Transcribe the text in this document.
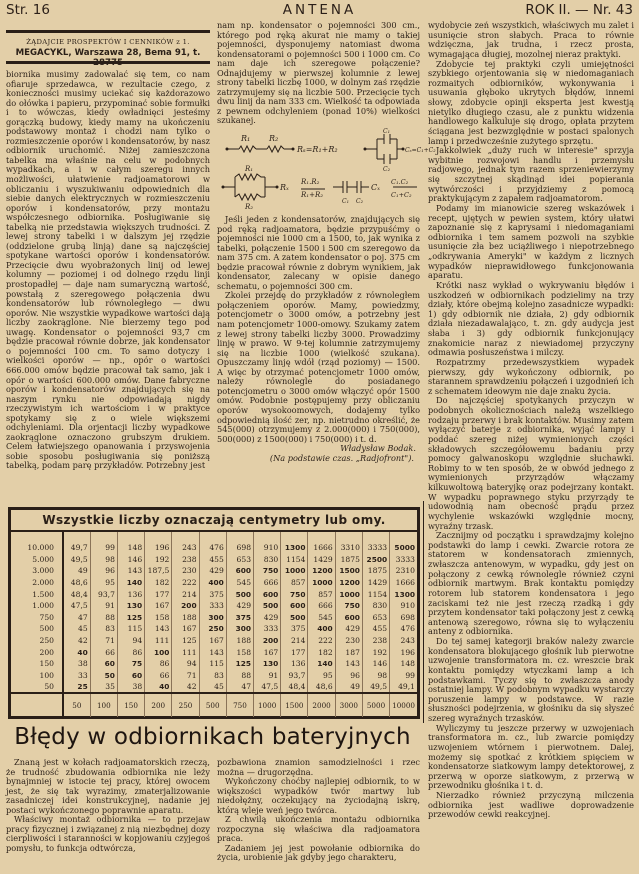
Str. 16	ANTENA	ROK II. — Nr. 43
ŻĄDAJCIE PROSPEKTÓW I CENNIKÓW z 1.
MEGACYKL, Warszawa 28, Bema 91, t. 28775

biornika musimy zadowalać się tem, co nam ofiaruje sprzedawca, w rezultacie czego, z konieczności musimy uciekać się każdorazowo do ołówka i papieru, przypominać sobie formułki i to wówczas, kiedy owładnięci jesteśmy gorączką budowy, kiedy mamy na ukończeniu podstawowy montaż i chodzi nam tylko o rozmieszczenie oporów i kondensatorów, by nasz odbiornik uruchomić. Niżej zamieszczona tabelka ma właśnie na celu w podobnych wypadkach, a i w całym szeregu innych możliwości, ułatwienie radjoamatorowi w obliczaniu i wyszukiwaniu odpowiednich dla siebie danych elektrycznych w rozmieszczeniu oporów i kondensatorów, przy montażu współczesnego odbiornika. Posługiwanie się tabelką nie przedstawia większych trudności. Z lewej strony tabelki i w dalszym jej rzędzie (oddzielone grubą linją) dane są najczęściej spotykane wartości oporów i kondensatorów. Przecięcie dwu wyobrażonych linij od lewej kolumny — poziomej i od dolnego rzędu linji prostopadłej — daje nam sumaryczną wartość, powstałą z szeregowego połączenia dwu kondensatorów lub równoległego — dwu oporów. Nie wszystkie wypadkowe wartości dają liczby zaokrąglone. Nie bierzemy tego pod uwagę. Kondensator o pojemności 93,7 cm będzie pracował równie dobrze, jak kondensator o pojemności 100 cm. To samo dotyczy i wielkości oporów — np., opór o wartości 666.000 omów będzie pracował tak samo, jak i opór o wartości 600.000 omów. Dane fabryczne oporów i kondensatorów znajdujących się na naszym rynku nie odpowiadają nigdy rzeczywistym ich wartościom i w praktyce spotykamy się z o wiele większemi odchyleniami. Dla orjentacji liczby wypadkowe zaokrąglone oznaczono grubszym drukiem. Celem łatwiejszego opanowania i przyswojenia sobie sposobu posługiwania się poniższą tabelką, podam parę przykładów. Potrzebny jest

nam np. kondensator o pojemności 300 cm., którego pod ręką akurat nie mamy o takiej pojemności, dysponujemy natomiast dwoma kondensatorami o pojemności 500 i 1000 cm. Co nam daje ich szeregowe połączenie? Odnajdujemy w pierwszej kolumnie z lewej strony tabelki liczbę 1000, w dolnym zaś rzędzie zatrzymujemy się na liczbie 500. Przecięcie tych dwu linij da nam 333 cm. Wielkość ta odpowiada z pewnem odchyleniem (ponad 10%) wielkości szukanej.

R₁ R₂
Rₛ=R₁+R₂
C₁
C₂
Cₛ=C₁+C₂
R₁
R₂
Rₓ
R₁.R₂
R₁+R₂
C₁ C₂
Cₓ
C₁.C₂
C₁+C₂

Jeśli jeden z kondensatorów, znajdujących się pod ręką radjoamatora, będzie przypuśćmy o pojemności nie 1000 cm a 1500, to, jak wynika z tabelki, połączenie 1500 i 500 cm szeregowo da nam 375 cm. A zatem kondensator o poj. 375 cm będzie pracował równie z dobrym wynikiem, jak kondensator, zalecany w opisie danego schematu, o pojemności 300 cm.

Zkolei przejdę do przykładów z równoległem połączeniem oporów. Mamy, powiedzmy, potencjometr o 3000 omów, a potrzebny jest nam potencjometr 1000-omowy. Szukamy zatem z lewej strony tabelki liczby 3000. Prowadzimy linję w prawo. W 9-tej kolumnie zatrzymujemy się na liczbie 1000 (wielkość szukana). Opuszczamy linję wdół (rząd poziomy) — 1500. A więc by otrzymać potencjometr 1000 omów, należy równolegle do posiadanego potencjometru o 3000 omów włączyć opór 1500 omów. Podobnie postępujemy przy obliczaniu oporów wysokoomowych, dodajemy tylko odpowiednią ilość zer, np. nietrudno określić, że 545(000) otrzymujemy z 2.000(000) i 750(000), 500(000) z 1500(000) i 750(000) i t. d.

Władysław Bodak.
(Na podstawie czas. „Radjofront").
Wszystkie liczby oznaczają centymetry lub omy.

10.000	49,7	99	148	196	243	476	698	910	1300	1666	3310	3333	5000
5.000	49,5	98	146	192	238	455	653	830	1154	1429	1875	2500	3333
3.000	49	96	143	187,5	230	429	600	750	1000	1200	1500	1875	2310
2.000	48,6	95	140	182	222	400	545	666	857	1000	1200	1429	1666
1.500	48,4	93,7	136	177	214	375	500	600	750	857	1000	1154	1300
1.000	47,5	91	130	167	200	333	429	500	600	666	750	830	910
750	47	88	125	158	188	300	375	429	500	545	600	653	698
500	45	83	115	143	167	250	300	333	375	400	429	455	476
250	42	71	94	111	125	167	188	200	214	222	230	238	243
200	40	66	86	100	111	143	158	167	177	182	187	192	196
150	38	60	75	86	94	115	125	130	136	140	143	146	148
100	33	50	60	66	71	83	88	91	93,7	95	96	98	99
50	25	35	38	40	42	45	47	47,5	48,4	48,6	49	49,5	49,1
	50	100	150	200	250	500	750	1000	1500	2000	3000	5000	10000
Błędy w odbiornikach bateryjnych

Znaną jest w kołach radjoamatorskich rzeczą, że trudność zbudowania odbiornika nie leży bynajmniej w istocie tej pracy, której owocem jest, że się tak wyrazimy, zmaterjalizowanie zasadniczej idei konstrukcyjnej, nadanie jej postaci wykończonego poprawnie aparatu.

Właściwy montaż odbiornika — to przejaw pracy fizycznej i związanej z nią niezbędnej dozy cierpliwości i staranności w kopjowaniu czyjegoś pomysłu, to funkcja odtwórcza,

pozbawiona znamion samodzielności i rzec można — drugorzędna.

Wykończony choćby najlepiej odbiornik, to w większości wypadków twór martwy lub niedołężny, oczekujący na życiodajną iskrę, którą wleje weń jego twórca.

Z chwilą ukończenia montażu odbiornika rozpoczyna się właściwa dla radjoamatora praca.

Zadaniem jej jest powołanie odbiornika do życia, urobienie jak gdyby jego charakteru,

wydobycie zeń wszystkich, właściwych mu zalet i usunięcie stron słabych. Praca to równie wdzięczna, jak trudna, i rzecz prosta, wymagająca długiej, mozolnej nieraz praktyki.

Zdobycie tej praktyki czyli umiejętności szybkiego orjentowania się w niedomaganiach rozmaitych odbiorników, wykonywania i usuwania głęboko ukrytych błędów, innemi słowy, zdobycie opinji eksperta jest kwestją nietylko długiego czasu, ale z punktu widzenia handlowego kalkuluje się drogo, opłata przytem ściągana jest bezwzględnie w postaci spalonych lamp i przedwcześnie zużytego sprzętu.

Jakkolwiek „duży ruch w interesie" sprzyja wybitnie rozwojowi handlu i przemysłu radjowego, jednak tym razem sprzeniewierzymy się szczytnej skądinąd idei popierania wytwórczości i przyjdziemy z pomocą praktykującym z zapałem radjoamatorom.

Podamy im mianowicie szereg wskazówek i recept, ujętych w pewien system, który ułatwi zapoznanie się z kaprysami i niedomaganiami odbiornika i tem samem pozwoli na szybkie usunięcie zła bez uciążliwego i niepotrzebnego „odkrywania Ameryki" w każdym z licznych wypadków nieprawidłowego funkcjonowania aparatu.

Krótki nasz wykład o wykrywaniu błędów i uszkodzeń w odbiornikach podzielimy na trzy działy, które obejmą kolejno zasadnicze wypadki: 1) gdy odbiornik nie działa, 2) gdy odbiornik działa niezadawalająco, t. zn. gdy audycja jest słaba i 3) gdy odbiornik funkcjonujący znakomicie naraz z niewiadomej przyczyny odmawia posłuszeństwa i milczy.

Rozpatrzmy przedewszystkiem wypadek pierwszy, gdy wykończony odbiornik, po starannem sprawdzeniu połączeń i uzgodnień ich z schematem ideowym nie daje znaku życia.

Do najczęściej spotykanych przyczyn w podobnych okolicznościach należą wszelkiego rodzaju przerwy i brak kontaktów. Musimy zatem wyłączyć baterje z odbiornika, wyjąć lampy i poddać szereg niżej wymienionych części składowych szczegółowemu badaniu przy pomocy galwanoskopu względnie słuchawki. Robimy to w ten sposób, że w obwód jednego z wymienionych przyrządów włączamy kilkuwoltową bateryjkę oraz podejrzany kontakt. W wypadku poprawnego styku przyrządy te udowodnią nam obecność prądu przez wychylenie wskazówki względnie mocny, wyraźny trzask.

Zacznijmy od początku i sprawdzajmy kolejno podstawki do lamp i cewki. Zwarcie rotora ze statorem w kondensatorach zmiennych, zwłaszcza antenowym, w wypadku, gdy jest on połączony z cewką równolegle również czyni odbiornik martwym. Brak kontaktu pomiędzy rotorem lub statorem kondensatora i jego zaciskami też nie jest rzeczą rzadką i gdy przytem kondensator taki połączony jest z cewką antenową szeregowo, równa się to wyłączeniu anteny z odbiornika.

Do tej samej kategorji braków należy zwarcie kondensatora blokującego głośnik lub pierwotne uzwojenie transformatora m. cz. wreszcie brak kontaktu pomiędzy wtyczkami lamp a ich podstawkami. Tyczy się to zwłaszcza anody ostatniej lampy. W podobnym wypadku wystarczy poruszenie lampy w podstawce. W razie słuszności podejrzenia, w głośniku da się słyszeć szereg wyraźnych trzasków.

Wyliczymy tu jeszcze przerwy w uzwojeniach transformatora m. cz., lub zwarcie pomiędzy uzwojeniem wtórnem i pierwotnem. Dalej, możemy się spotkać z krótkiem spięciem w kondensatorze siatkowym lampy detektorowej, z przerwą w oporze siatkowym, z przerwą w przewodniku głośnika i t. d.

Nierzadko również przyczyną milczenia odbiornika jest wadliwe doprowadzenie przewodów cewki reakcyjnej.
